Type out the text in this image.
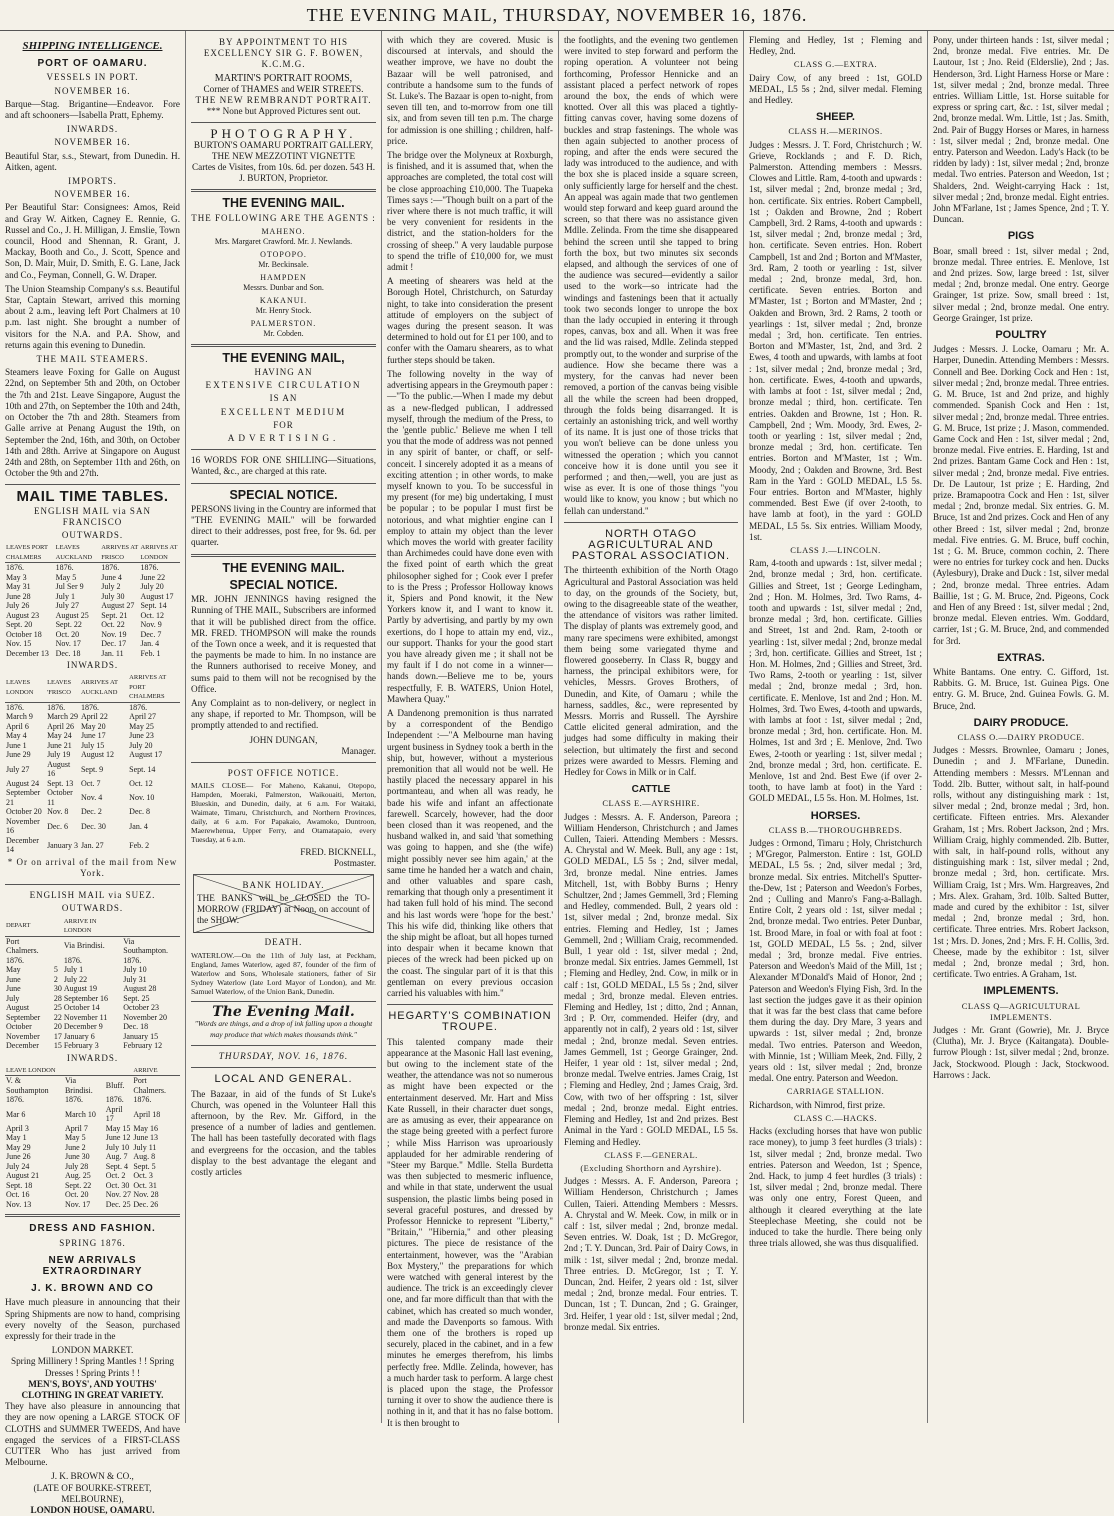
THE EVENING MAIL, THURSDAY, NOVEMBER 16, 1876.
SHIPPING INTELLIGENCE.
PORT OF OAMARU.
VESSELS IN PORT.
NOVEMBER 16.

Barque—Stag. Brigantine—Endeavor. Fore and aft schooners—Isabella Pratt, Ephemy.

INWARDS.
NOVEMBER 16.

Beautiful Star, s.s., Stewart, from Dunedin. H. Aitken, agent.

IMPORTS.
NOVEMBER 16.

Per Beautiful Star: Consignees: Amos, Reid and Gray W. Aitken, Cagney E. Rennie, G. Russel and Co., J. H. Milligan, J. Emslie, Town council, Hood and Shennan, R. Grant, J. Mackay, Booth and Co., J. Scott, Spence and Son, D. Mair, Muir, D. Smith, E. G. Lane, Jack and Co., Feyman, Connell, G. W. Draper.

The Union Steamship Company's s.s. Beautiful Star, Captain Stewart, arrived this morning about 2 a.m., leaving left Port Chalmers at 10 p.m. last night. She brought a number of visitors for the N.A. and P.A. Show, and returns again this evening to Dunedin.

THE MAIL STEAMERS.

Steamers leave Foxing for Galle on August 22nd, on September 5th and 20th, on October the 7th and 21st. Leave Singapore, August the 10th and 27th, on September the 10th and 24th, on October the 7th and 28th. Steamers from Galle arrive at Penang August the 19th, on September the 2nd, 16th, and 30th, on October 14th and 28th. Arrive at Singapore on August 24th and 28th, on September 11th and 26th, on October the 9th and 27th.

MAIL TIME TABLES.
ENGLISH MAIL via SAN FRANCISCO
OUTWARDS.
LEAVES PORT CHALMERS	LEAVES AUCKLAND	ARRIVES AT FRISCO	ARRIVES AT LONDON
1876.	1876.	1876.	1876.
May 3	May 5	June 4	June 22
May 31	Jul Ser 9	July 2	July 20
June 28	July 1	July 30	August 17
July 26	July 27	August 27	Sept. 14
August 23	August 25	Sept. 21	Oct. 12
Sept. 20	Sept. 22	Oct. 22	Nov. 9
October 18	Oct. 20	Nov. 19	Dec. 7
Nov. 15	Nov. 17	Dec. 17	Jan. 4
December 13	Dec. 18	Jan. 11	Feb. 1
INWARDS.
LEAVES LONDON	LEAVES 'FRISCO	ARRIVES AT AUCKLAND	ARRIVES AT PORT CHALMERS
1876.	1876.	1876.	1876.
March 9	March 29	April 22	April 27
April 6	April 26	May 20	May 25
May 4	May 24	June 17	June 23
June 1	June 21	July 15	July 20
June 29	July 19	August 12	August 17
July 27	August 16	Sept. 9	Sept. 14
August 24	Sept. 13	Oct. 7	Oct. 12
September 21	October 11	Nov. 4	Nov. 10
October 20	Nov. 8	Dec. 2	Dec. 8
November 16	Dec. 6	Dec. 30	Jan. 4
December 14	January 3	Jan. 27	Feb. 2
* Or on arrival of the mail from New York.
ENGLISH MAIL via SUEZ.
OUTWARDS.
DEPART		ARRIVE IN LONDON	
Port Chalmers.		Via Brindisi.	Via Southampton.
1876.		1876.	1876.
May	5	July 1	July 10
June	2	July 22	July 31
June	30	August 19	August 28
July	28	September 16	Sept. 25
August	25	October 14	October 23
September	22	November 11	November 20
October	20	December 9	Dec. 18
November	17	January 6	January 15
December	15	February 3	February 12
INWARDS.
LEAVE LONDON			ARRIVE
V. & Southampton	Via Brindisi.	Bluff.	Port Chalmers.
1876.	1876.	1876.	1876.
Mar 6	March 10	April 17	April 18
April 3	April 7	May 15	May 16
May 1	May 5	June 12	June 13
May 29	June 2	July 10	July 11
June 26	June 30	Aug. 7	Aug. 8
July 24	July 28	Sept. 4	Sept. 5
August 21	Aug. 25	Oct. 2	Oct. 3
Sept. 18	Sept. 22	Oct. 30	Oct. 31
Oct. 16	Oct. 20	Nov. 27	Nov. 28
Nov. 13	Nov. 17	Dec. 25	Dec. 26
DRESS AND FASHION.
SPRING 1876.
NEW ARRIVALS EXTRAORDINARY
J. K. BROWN AND CO

Have much pleasure in announcing that their Spring Shipments are now to hand, comprising every novelty of the Season, purchased expressly for their trade in the

LONDON MARKET.
Spring Millinery ! Spring Mantles ! ! Spring Dresses ! Spring Prints ! !
MEN'S, BOYS', AND YOUTHS' CLOTHING IN GREAT VARIETY.

They have also pleasure in announcing that they are now opening a LARGE STOCK OF CLOTHS and SUMMER TWEEDS, And have engaged the services of a FIRST-CLASS CUTTER Who has just arrived from Melbourne.

J. K. BROWN & CO.,
(LATE OF BOURKE-STREET, MELBOURNE),
LONDON HOUSE, OAMARU.
BY APPOINTMENT TO HIS EXCELLENCY SIR G. F. BOWEN, K.C.M.G.
MARTIN'S PORTRAIT ROOMS,
Corner of THAMES and WEIR STREETS.
THE NEW REMBRANDT PORTRAIT.
*** None but Approved Pictures sent out.
PHOTOGRAPHY.
BURTON'S OAMARU PORTRAIT GALLERY,
THE NEW MEZZOTINT VIGNETTE
Cartes de Visites, from 10s. 6d. per dozen. 543 H. J. BURTON, Proprietor.
THE EVENING MAIL.
THE FOLLOWING ARE THE AGENTS :
MAHENO.
Mrs. Margaret Crawford. Mr. J. Newlands.
OTOPOPO.
Mr. Beckinsale.
HAMPDEN
Messrs. Dunbar and Son.
KAKANUI.
Mr. Henry Stock.
PALMERSTON.
Mr. Cobden.
THE EVENING MAIL,
HAVING AN
EXTENSIVE CIRCULATION
IS AN
EXCELLENT MEDIUM
FOR
ADVERTISING.

16 WORDS FOR ONE SHILLING—Situations, Wanted, &c., are charged at this rate.

SPECIAL NOTICE.

PERSONS living in the Country are informed that "THE EVENING MAIL" will be forwarded direct to their addresses, post free, for 9s. 6d. per quarter.

THE EVENING MAIL.
SPECIAL NOTICE.

MR. JOHN JENNINGS having resigned the Running of THE MAIL, Subscribers are informed that it will be published direct from the office. MR. FRED. THOMPSON will make the rounds of the Town once a week, and it is requested that the payments be made to him. In no instance are the Runners authorised to receive Money, and sums paid to them will not be recognised by the Office.

Any Complaint as to non-delivery, or neglect in any shape, if reported to Mr. Thompson, will be promptly attended to and rectified.

JOHN DUNGAN,
Manager.
POST OFFICE NOTICE.

MAILS CLOSE— For Maheno, Kakanui, Otepopo, Hampden, Moeraki, Palmerston, Waikouaiti, Merton, Blueskin, and Dunedin, daily, at 6 a.m. For Waitaki, Waimate, Timaru, Christchurch, and Northern Provinces, daily, at 6 a.m. For Papakaio, Awamoko, Duntroon, Maerewhenua, Upper Ferry, and Otamatapaio, every Tuesday, at 6 a.m.

FRED. BICKNELL,
Postmaster.
BANK HOLIDAY.

THE BANKS will be CLOSED the TO-MORROW (FRIDAY) at Noon, on account of the SHOW.

DEATH.

WATERLOW.—On the 11th of July last, at Peckham, England, James Waterlow, aged 87, founder of the firm of Waterlow and Sons, Wholesale stationers, father of Sir Sydney Waterlow (late Lord Mayor of London), and Mr. Samuel Waterlow, of the Union Bank, Dunedin.

The Evening Mail.
"Words are things, and a drop of ink falling upon a thought may produce that which makes thousands think."
THURSDAY, NOV. 16, 1876.
LOCAL AND GENERAL.

The Bazaar, in aid of the funds of St Luke's Church, was opened in the Volunteer Hall this afternoon, by the Rev. Mr. Gifford, in the presence of a number of ladies and gentlemen. The hall has been tastefully decorated with flags and evergreens for the occasion, and the tables display to the best advantage the elegant and costly articles

with which they are covered. Music is discoursed at intervals, and should the weather improve, we have no doubt the Bazaar will be well patronised, and contribute a handsome sum to the funds of St. Luke's. The Bazaar is open to-night, from seven till ten, and to-morrow from one till six, and from seven till ten p.m. The charge for admission is one shilling ; children, half-price.

The bridge over the Molyneux at Roxburgh, is finished, and it is assumed that, when the approaches are completed, the total cost will be close approaching £10,000. The Tuapeka Times says :—"Though built on a part of the river where there is not much traffic, it will be very convenient for residents in the district, and the station-holders for the crossing of sheep." A very laudable purpose to spend the trifle of £10,000 for, we must admit !

A meeting of shearers was held at the Borough Hotel, Christchurch, on Saturday night, to take into consideration the present attitude of employers on the subject of wages during the present season. It was determined to hold out for £1 per 100, and to confer with the Oamaru shearers, as to what further steps should be taken.

The following novelty in the way of advertising appears in the Greymouth paper :—"To the public.—When I made my debut as a new-fledged publican, I addressed myself, through the medium of the Press, to the 'gentle public.' Believe me when I tell you that the mode of address was not penned in any spirit of banter, or chaff, or self-conceit. I sincerely adopted it as a means of exciting attention ; in other words, to make myself known to you. To be successful in my present (for me) big undertaking, I must be popular ; to be popular I must first be notorious, and what mightier engine can I employ to attain my object than the lever which moves the world with greater facility than Archimedes could have done even with the fixed point of earth which the great philosopher sighed for ; Cook ever I prefer to is the Press ; Professor Holloway knows it, Spiers and Pond knowit, it the New Yorkers know it, and I want to know it. Partly by advertising, and partly by my own exertions, do I hope to attain my end, viz., our support. Thanks for your the good start you have already given me ; it shall not be my fault if I do not come in a winner—hands down.—Believe me to be, yours respectfully, F. B. WATERS, Union Hotel, Mawhera Quay."

A Dandenong premonition is thus narrated by a correspondent of the Bendigo Independent :—"A Melbourne man having urgent business in Sydney took a berth in the ship, but, however, without a mysterious premonition that all would not be well. He hastily placed the necessary apparel in his portmanteau, and when all was ready, he bade his wife and infant an affectionate farewell. Scarcely, however, had the door been closed than it was reopened, and the husband walked in, and said 'that something was going to happen, and she (the wife) might possibly never see him again,' at the same time he handed her a watch and chain, and other valuables and spare cash, remarking that though only a presentiment it had taken full hold of his mind. The second and his last words were 'hope for the best.' This his wife did, thinking like others that the ship might be afloat, but all hopes turned into despair when it became known that pieces of the wreck had been picked up on the coast. The singular part of it is that this gentleman on every previous occasion carried his valuables with him."

HEGARTY'S COMBINATION TROUPE.

This talented company made their appearance at the Masonic Hall last evening, but owing to the inclement state of the weather, the attendance was not so numerous as might have been expected or the entertainment deserved. Mr. Hart and Miss Kate Russell, in their character duet songs, are as amusing as ever, their appearance on the stage being greeted with a perfect furore ; while Miss Harrison was uproariously applauded for her admirable rendering of "Steer my Barque." Mdlle. Stella Burdetta was then subjected to mesmeric influence, and while in that state, underwent the usual suspension, the plastic limbs being posed in several graceful postures, and dressed by Professor Hennicke to represent "Liberty," "Britain," "Hibernia," and other pleasing pictures. The piece de resistance of the entertainment, however, was the "Arabian Box Mystery," the preparations for which were watched with general interest by the audience. The trick is an exceedingly clever one, and far more difficult than that with the cabinet, which has created so much wonder, and made the Davenports so famous. With them one of the brothers is roped up securely, placed in the cabinet, and in a few minutes he emerges therefrom, his limbs perfectly free. Mdlle. Zelinda, however, has a much harder task to perform. A large chest is placed upon the stage, the Professor turning it over to show the audience there is nothing in it, and that it has no false bottom. It is then brought to

the footlights, and the evening two gentlemen were invited to step forward and perform the roping operation. A volunteer not being forthcoming, Professor Hennicke and an assistant placed a perfect network of ropes around the box, the ends of which were knotted. Over all this was placed a tightly-fitting canvas cover, having some dozens of buckles and strap fastenings. The whole was then again subjected to another process of roping, and after the ends were secured the lady was introduced to the audience, and with the box she is placed inside a square screen, only sufficiently large for herself and the chest. An appeal was again made that two gentlemen would step forward and keep guard around the screen, so that there was no assistance given Mdlle. Zelinda. From the time she disappeared behind the screen until she tapped to bring forth the box, but two minutes six seconds elapsed, and although the services of one of the audience was secured—evidently a sailor used to the work—so intricate had the windings and fastenings been that it actually took two seconds longer to unrope the box than the lady occupied in entering it through ropes, canvas, box and all. When it was free and the lid was raised, Mdlle. Zelinda stepped promptly out, to the wonder and surprise of the audience. How she became there was a mystery, for the canvas had never been removed, a portion of the canvas being visible all the while the screen had been dropped, through the folds being disarranged. It is certainly an astonishing trick, and well worthy of its name. It is just one of those tricks that you won't believe can be done unless you witnessed the operation ; which you cannot conceive how it is done until you see it performed ; and then,—well, you are just as wise as ever. It is one of those things "you would like to know, you know ; but which no fellah can understand."

NORTH OTAGO AGRICULTURAL AND PASTORAL ASSOCIATION.

The thirteenth exhibition of the North Otago Agricultural and Pastoral Association was held to day, on the grounds of the Society, but, owing to the disagreeable state of the weather, the attendance of visitors was rather limited. The display of plants was extremely good, and many rare specimens were exhibited, amongst them being some variegated thyme and flowered gooseberry. In Class R, buggy and harness, the principal exhibitors were, for vehicles, Messrs. Groves Brothers, of Dunedin, and Kite, of Oamaru ; while the harness, saddles, &c., were represented by Messrs. Morris and Russell. The Ayrshire Cattle elicited general admiration, and the judges had some difficulty in making their selection, but ultimately the first and second prizes were awarded to Messrs. Fleming and Hedley for Cows in Milk or in Calf.

CATTLE
CLASS E.—AYRSHIRE.

Judges : Messrs. A. F. Anderson, Pareora ; William Henderson, Christchurch ; and James Cullen, Taieri. Attending Members : Messrs. A. Chrystal and W. Meek. Bull, any age : 1st, GOLD MEDAL, L5 5s ; 2nd, silver medal, 3rd, bronze medal. Nine entries. James Mitchell, 1st, with Bobby Burns ; Henry Schultzer, 2nd ; James Gemmell, 3rd ; Fleming and Hedley, commended. Bull, 2 years old : 1st, silver medal ; 2nd, bronze medal. Six entries. Fleming and Hedley, 1st ; James Gemmell, 2nd ; William Craig, recommended. Bull, 1 year old : 1st, silver medal ; 2nd, bronze medal. Six entries. James Gemmell, 1st ; Fleming and Hedley, 2nd. Cow, in milk or in calf : 1st, GOLD MEDAL, L5 5s ; 2nd, silver medal ; 3rd, bronze medal. Eleven entries. Fleming and Hedley, 1st ; ditto, 2nd ; Annan, 3rd ; P. Orr, commended. Heifer (dry, and apparently not in calf), 2 years old : 1st, silver medal ; 2nd, bronze medal. Seven entries. James Gemmell, 1st ; George Grainger, 2nd. Heifer, 1 year old : 1st, silver medal ; 2nd, bronze medal. Twelve entries. James Craig, 1st ; Fleming and Hedley, 2nd ; James Craig, 3rd. Cow, with two of her offspring : 1st, silver medal ; 2nd, bronze medal. Eight entries. Fleming and Hedley, 1st and 2nd prizes. Best Animal in the Yard : GOLD MEDAL, L5 5s. Fleming and Hedley.

CLASS F.—GENERAL.
(Excluding Shorthorn and Ayrshire).

Judges : Messrs. A. F. Anderson, Pareora ; William Henderson, Christchurch ; James Cullen, Taieri. Attending Members : Messrs. A. Chrystal and W. Meek. Cow, in milk or in calf : 1st, silver medal ; 2nd, bronze medal. Seven entries. W. Doak, 1st ; D. McGregor, 2nd ; T. Y. Duncan, 3rd. Pair of Dairy Cows, in milk : 1st, silver medal ; 2nd, bronze medal. Three entries. D. McGregor, 1st ; T. Y. Duncan, 2nd. Heifer, 2 years old : 1st, silver medal ; 2nd, bronze medal. Four entries. T. Duncan, 1st ; T. Duncan, 2nd ; G. Grainger, 3rd. Heifer, 1 year old : 1st, silver medal ; 2nd, bronze medal. Six entries.

Fleming and Hedley, 1st ; Fleming and Hedley, 2nd.

CLASS G.—EXTRA.

Dairy Cow, of any breed : 1st, GOLD MEDAL, L5 5s ; 2nd, silver medal. Fleming and Hedley.

SHEEP.
CLASS H.—MERINOS.

Judges : Messrs. J. T. Ford, Christchurch ; W. Grieve, Rocklands ; and F. D. Rich, Palmerston. Attending members : Messrs. Clowes and Little. Ram, 4-tooth and upwards : 1st, silver medal ; 2nd, bronze medal ; 3rd, hon. certificate. Six entries. Robert Campbell, 1st ; Oakden and Browne, 2nd ; Robert Campbell, 3rd. 2 Rams, 4-tooth and upwards : 1st, silver medal ; 2nd, bronze medal ; 3rd, hon. certificate. Seven entries. Hon. Robert Campbell, 1st and 2nd ; Borton and M'Master, 3rd. Ram, 2 tooth or yearling : 1st, silver medal ; 2nd, bronze medal, 3rd, hon. certificate. Seven entries. Borton and M'Master, 1st ; Borton and M'Master, 2nd ; Oakden and Brown, 3rd. 2 Rams, 2 tooth or yearlings : 1st, silver medal ; 2nd, bronze medal ; 3rd, hon. certificate. Ten entries. Borton and M'Master, 1st, 2nd, and 3rd. 2 Ewes, 4 tooth and upwards, with lambs at foot : 1st, silver medal ; 2nd, bronze medal ; 3rd, hon. certificate. Ewes, 4-tooth and upwards, with lambs at foot : 1st, silver medal ; 2nd, bronze medal ; third, hon. certificate. Ten entries. Oakden and Browne, 1st ; Hon. R. Campbell, 2nd ; Wm. Moody, 3rd. Ewes, 2-tooth or yearling : 1st, silver medal ; 2nd, bronze medal ; 3rd, hon. certificate. Ten entries. Borton and M'Master, 1st ; Wm. Moody, 2nd ; Oakden and Browne, 3rd. Best Ram in the Yard : GOLD MEDAL, L5 5s. Four entries. Borton and M'Master, highly commended. Best Ewe (if over 2-tooth, to have lamb at foot), in the yard : GOLD MEDAL, L5 5s. Six entries. William Moody, 1st.

CLASS J.—LINCOLN.

Ram, 4-tooth and upwards : 1st, silver medal ; 2nd, bronze medal ; 3rd, hon. certificate. Gillies and Street, 1st ; George Ledingham, 2nd ; Hon. M. Holmes, 3rd. Two Rams, 4-tooth and upwards : 1st, silver medal ; 2nd, bronze medal ; 3rd, hon. certificate. Gillies and Street, 1st and 2nd. Ram, 2-tooth or yearling : 1st, silver medal ; 2nd, bronze medal ; 3rd, hon. certificate. Gillies and Street, 1st ; Hon. M. Holmes, 2nd ; Gillies and Street, 3rd. Two Rams, 2-tooth or yearling : 1st, silver medal ; 2nd, bronze medal ; 3rd, hon. certificate. E. Menlove, 1st and 2nd ; Hon. M. Holmes, 3rd. Two Ewes, 4-tooth and upwards, with lambs at foot : 1st, silver medal ; 2nd, bronze medal ; 3rd, hon. certificate. Hon. M. Holmes, 1st and 3rd ; E. Menlove, 2nd. Two Ewes, 2-tooth or yearling : 1st, silver medal ; 2nd, bronze medal ; 3rd, hon. certificate. E. Menlove, 1st and 2nd. Best Ewe (if over 2-tooth, to have lamb at foot) in the Yard : GOLD MEDAL, L5 5s. Hon. M. Holmes, 1st.

HORSES.
CLASS B.—THOROUGHBREDS.

Judges : Ormond, Timaru ; Holy, Christchurch ; M'Gregor, Palmerston. Entire : 1st, GOLD MEDAL, L5 5s. ; 2nd, silver medal ; 3rd, bronze medal. Six entries. Mitchell's Sputter-the-Dew, 1st ; Paterson and Weedon's Forbes, 2nd ; Culling and Manro's Fang-a-Ballagh. Entire Colt, 2 years old : 1st, silver medal ; 2nd, bronze medal. Two entries. Peter Dunbar, 1st. Brood Mare, in foal or with foal at foot : 1st, GOLD MEDAL, L5 5s. ; 2nd, silver medal ; 3rd, bronze medal. Five entries. Paterson and Weedon's Maid of the Mill, 1st ; Alexander M'Donald's Maid of Honor, 2nd ; Paterson and Weedon's Flying Fish, 3rd. In the last section the judges gave it as their opinion that it was far the best class that came before them during the day. Dry Mare, 3 years and upwards : 1st, silver medal ; 2nd, bronze medal. Two entries. Paterson and Weedon, with Minnie, 1st ; William Meek, 2nd. Filly, 2 years old : 1st, silver medal ; 2nd, bronze medal. One entry. Paterson and Weedon.

CARRIAGE STALLION.

Richardson, with Nimrod, first prize.

CLASS C.—HACKS.

Hacks (excluding horses that have won public race money), to jump 3 feet hurdles (3 trials) : 1st, silver medal ; 2nd, bronze medal. Two entries. Paterson and Weedon, 1st ; Spence, 2nd. Hack, to jump 4 feet hurdles (3 trials) : 1st, silver medal ; 2nd, bronze medal. There was only one entry, Forest Queen, and although it cleared everything at the late Steeplechase Meeting, she could not be induced to take the hurdle. There being only three trials allowed, she was thus disqualified.

Pony, under thirteen hands : 1st, silver medal ; 2nd, bronze medal. Five entries. Mr. De Lautour, 1st ; Jno. Reid (Elderslie), 2nd ; Jas. Henderson, 3rd. Light Harness Horse or Mare : 1st, silver medal ; 2nd, bronze medal. Three entries. William Little, 1st. Horse suitable for express or spring cart, &c. : 1st, silver medal ; 2nd, bronze medal. Wm. Little, 1st ; Jas. Smith, 2nd. Pair of Buggy Horses or Mares, in harness : 1st, silver medal ; 2nd, bronze medal. One entry. Paterson and Weedon. Lady's Hack (to be ridden by lady) : 1st, silver medal ; 2nd, bronze medal. Two entries. Paterson and Weedon, 1st ; Shalders, 2nd. Weight-carrying Hack : 1st, silver medal ; 2nd, bronze medal. Eight entries. John M'Farlane, 1st ; James Spence, 2nd ; T. Y. Duncan.

PIGS

Boar, small breed : 1st, silver medal ; 2nd, bronze medal. Three entries. E. Menlove, 1st and 2nd prizes. Sow, large breed : 1st, silver medal ; 2nd, bronze medal. One entry. George Grainger, 1st prize. Sow, small breed : 1st, silver medal ; 2nd, bronze medal. One entry. George Grainger, 1st prize.

POULTRY

Judges : Messrs. J. Locke, Oamaru ; Mr. A. Harper, Dunedin. Attending Members : Messrs. Connell and Bee. Dorking Cock and Hen : 1st, silver medal ; 2nd, bronze medal. Three entries. G. M. Bruce, 1st and 2nd prize, and highly commended. Spanish Cock and Hen : 1st, silver medal ; 2nd, bronze medal. Three entries. G. M. Bruce, 1st prize ; J. Mason, commended. Game Cock and Hen : 1st, silver medal ; 2nd, bronze medal. Five entries. E. Harding, 1st and 2nd prizes. Bantam Game Cock and Hen : 1st, silver medal ; 2nd, bronze medal. Five entries. Dr. De Lautour, 1st prize ; E. Harding, 2nd prize. Bramapootra Cock and Hen : 1st, silver medal ; 2nd, bronze medal. Six entries. G. M. Bruce, 1st and 2nd prizes. Cock and Hen of any other Breed : 1st, silver medal ; 2nd, bronze medal. Five entries. G. M. Bruce, buff cochin, 1st ; G. M. Bruce, common cochin, 2. There were no entries for turkey cock and hen. Ducks (Aylesbury), Drake and Duck : 1st, silver medal ; 2nd, bronze medal. Three entries. Adam Baillie, 1st ; G. M. Bruce, 2nd. Pigeons, Cock and Hen of any Breed : 1st, silver medal ; 2nd, bronze medal. Eleven entries. Wm. Goddard, carrier, 1st ; G. M. Bruce, 2nd, and commended for 3rd.

EXTRAS.

White Bantams. One entry. C. Gifford, 1st. Rabbits. G. M. Bruce, 1st. Guinea Pigs. One entry. G. M. Bruce, 2nd. Guinea Fowls. G. M. Bruce, 2nd.

DAIRY PRODUCE.
CLASS O.—DAIRY PRODUCE.

Judges : Messrs. Brownlee, Oamaru ; Jones, Dunedin ; and J. M'Farlane, Dunedin. Attending members : Messrs. M'Lennan and Todd. 2lb. Butter, without salt, in half-pound rolls, without any distinguishing mark : 1st, silver medal ; 2nd, bronze medal ; 3rd, hon. certificate. Fifteen entries. Mrs. Alexander Graham, 1st ; Mrs. Robert Jackson, 2nd ; Mrs. William Craig, highly commended. 2lb. Butter, with salt, in half-pound rolls, without any distinguishing mark : 1st, silver medal ; 2nd, bronze medal ; 3rd, hon. certificate. Mrs. William Craig, 1st ; Mrs. Wm. Hargreaves, 2nd ; Mrs. Alex. Graham, 3rd. 10lb. Salted Butter, made and cured by the exhibitor : 1st, silver medal ; 2nd, bronze medal ; 3rd, hon. certificate. Three entries. Mrs. Robert Jackson, 1st ; Mrs. D. Jones, 2nd ; Mrs. F. H. Collis, 3rd. Cheese, made by the exhibitor : 1st, silver medal ; 2nd, bronze medal ; 3rd, hon. certificate. Two entries. A Graham, 1st.

IMPLEMENTS.
CLASS Q—AGRICULTURAL IMPLEMENTS.

Judges : Mr. Grant (Gowrie), Mr. J. Bryce (Clutha), Mr. J. Bryce (Kaitangata). Double-furrow Plough : 1st, silver medal ; 2nd, bronze. Jack, Stockwood. Plough : Jack, Stockwood. Harrows : Jack.
